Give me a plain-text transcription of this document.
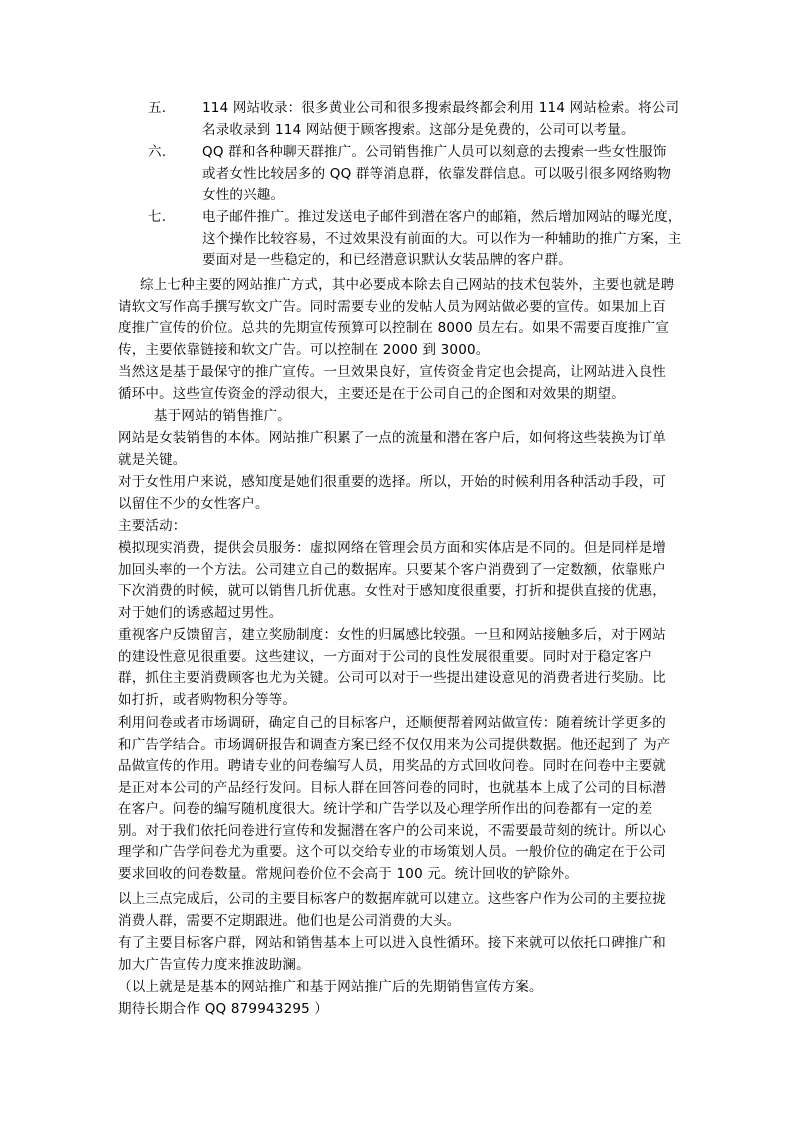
五.	114 网站收录：很多黄业公司和很多搜索最终都会利用 114 网站检索。将公司名录收录到 114 网站便于顾客搜索。这部分是免费的，公司可以考量。
六.	QQ 群和各种聊天群推广。公司销售推广人员可以刻意的去搜索一些女性服饰或者女性比较居多的 QQ 群等消息群，依靠发群信息。可以吸引很多网络购物女性的兴趣。
七.	电子邮件推广。推过发送电子邮件到潜在客户的邮箱，然后增加网站的曝光度，这个操作比较容易，不过效果没有前面的大。可以作为一种辅助的推广方案，主要面对是一些稳定的，和已经潜意识默认女装品牌的客户群。

综上七种主要的网站推广方式，其中必要成本除去自己网站的技术包装外，主要也就是聘请软文写作高手撰写软文广告。同时需要专业的发帖人员为网站做必要的宣传。如果加上百度推广宣传的价位。总共的先期宣传预算可以控制在 8000 员左右。如果不需要百度推广宣传，主要依靠链接和软文广告。可以控制在 2000 到 3000。

当然这是基于最保守的推广宣传。一旦效果良好，宣传资金肯定也会提高，让网站进入良性循环中。这些宣传资金的浮动很大，主要还是在于公司自己的企图和对效果的期望。

基于网站的销售推广。

网站是女装销售的本体。网站推广积累了一点的流量和潜在客户后，如何将这些装换为订单就是关键。

对于女性用户来说，感知度是她们很重要的选择。所以，开始的时候利用各种活动手段，可以留住不少的女性客户。

主要活动：

模拟现实消费，提供会员服务：虚拟网络在管理会员方面和实体店是不同的。但是同样是增加回头率的一个方法。公司建立自己的数据库。只要某个客户消费到了一定数额，依靠账户下次消费的时候，就可以销售几折优惠。女性对于感知度很重要，打折和提供直接的优惠，对于她们的诱惑超过男性。

重视客户反馈留言，建立奖励制度：女性的归属感比较强。一旦和网站接触多后，对于网站的建设性意见很重要。这些建议，一方面对于公司的良性发展很重要。同时对于稳定客户群，抓住主要消费顾客也尤为关键。公司可以对于一些提出建设意见的消费者进行奖励。比如打折，或者购物积分等等。

利用问卷或者市场调研，确定自己的目标客户，还顺便帮着网站做宣传：随着统计学更多的和广告学结合。市场调研报告和调查方案已经不仅仅用来为公司提供数据。他还起到了 为产品做宣传的作用。聘请专业的问卷编写人员，用奖品的方式回收问卷。同时在问卷中主要就是正对本公司的产品经行发问。目标人群在回答问卷的同时，也就基本上成了公司的目标潜在客户。问卷的编写随机度很大。统计学和广告学以及心理学所作出的问卷都有一定的差别。对于我们依托问卷进行宣传和发掘潜在客户的公司来说，不需要最苛刻的统计。所以心理学和广告学问卷尤为重要。这个可以交给专业的市场策划人员。一般价位的确定在于公司要求回收的问卷数量。常规问卷价位不会高于 100 元。统计回收的铲除外。

以上三点完成后，公司的主要目标客户的数据库就可以建立。这些客户作为公司的主要拉拢消费人群，需要不定期跟进。他们也是公司消费的大头。

有了主要目标客户群，网站和销售基本上可以进入良性循环。接下来就可以依托口碑推广和加大广告宣传力度来推波助澜。

（以上就是是基本的网站推广和基于网站推广后的先期销售宣传方案。

期待长期合作 QQ 879943295 ）
